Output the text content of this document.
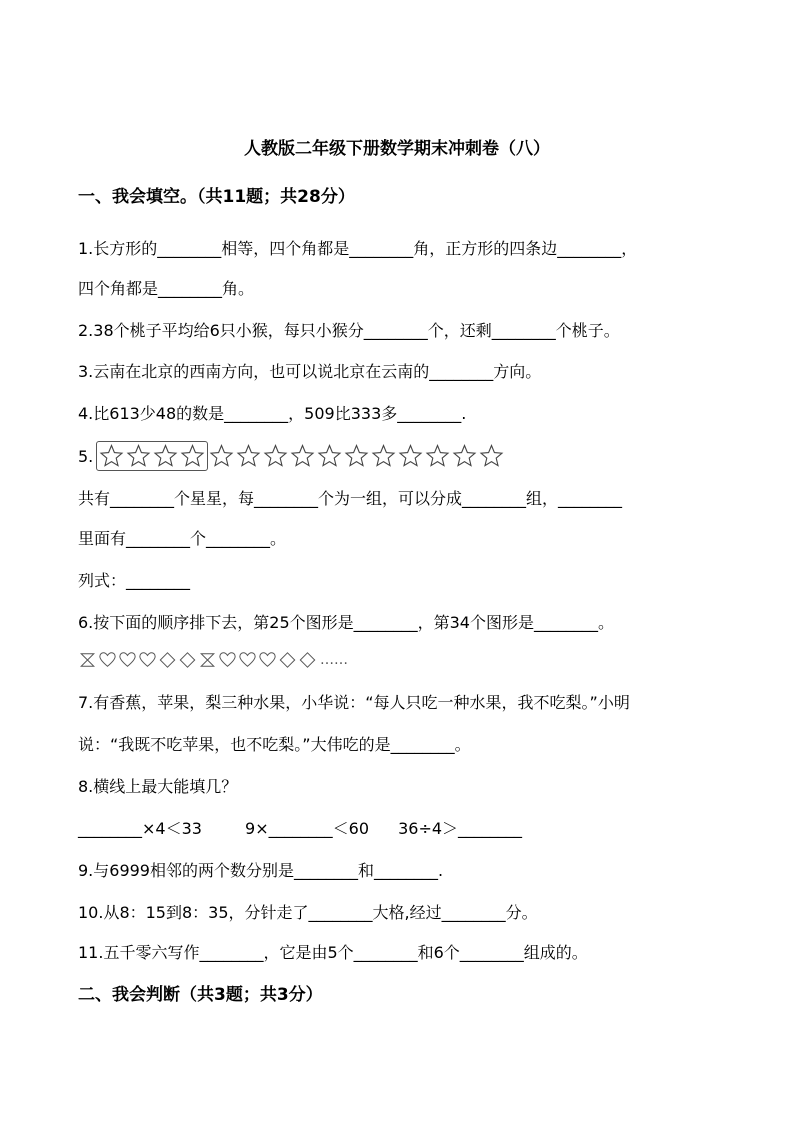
人教版二年级下册数学期末冲刺卷（八）
一、我会填空。（共11题；共28分）
1.长方形的________相等，四个角都是________角，正方形的四条边________，
四个角都是________角。
2.38个桃子平均给6只小猴，每只小猴分________个，还剩________个桃子。
3.云南在北京的西南方向，也可以说北京在云南的________方向。
4.比613少48的数是________，509比333多________.
5.
共有________个星星，每________个为一组，可以分成________组，________
里面有________个________。
列式：________
6.按下面的顺序排下去，第25个图形是________，第34个图形是________。
……
7.有香蕉，苹果，梨三种水果，小华说：“每人只吃一种水果，我不吃梨。”小明
说：“我既不吃苹果，也不吃梨。”大伟吃的是________。
8.横线上最大能填几？
________×4＜33	9×________＜60 36÷4＞________
9.与6999相邻的两个数分别是________和________.
10.从8：15到8：35，分针走了________大格,经过________分。
11.五千零六写作________，它是由5个________和6个________组成的。
二、我会判断（共3题；共3分）
